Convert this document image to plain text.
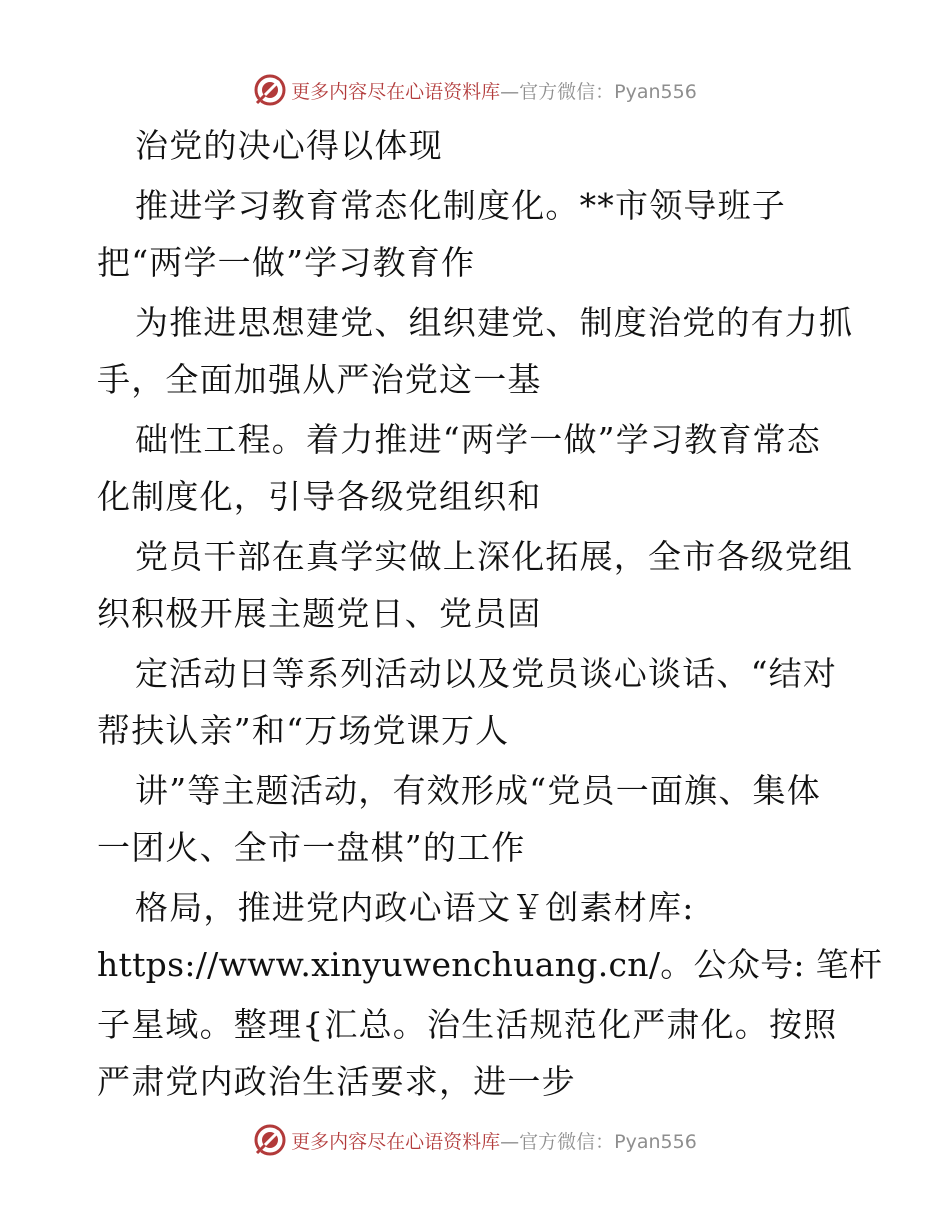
更多内容尽在心语资料库—官方微信：Pyan556
治党的决心得以体现
推进学习教育常态化制度化。**市领导班子
把“两学一做”学习教育作
为推进思想建党、组织建党、制度治党的有力抓
手，全面加强从严治党这一基
础性工程。着力推进“两学一做”学习教育常态
化制度化，引导各级党组织和
党员干部在真学实做上深化拓展，全市各级党组
织积极开展主题党日、党员固
定活动日等系列活动以及党员谈心谈话、“结对
帮扶认亲”和“万场党课万人
讲”等主题活动，有效形成“党员一面旗、集体
一团火、全市一盘棋”的工作
格局，推进党内政心语文￥创素材库:
https://www.xinyuwenchuang.cn/。公众号: 笔杆
子星域。整理{汇总。治生活规范化严肃化。按照
严肃党内政治生活要求，进一步
更多内容尽在心语资料库—官方微信：Pyan556
